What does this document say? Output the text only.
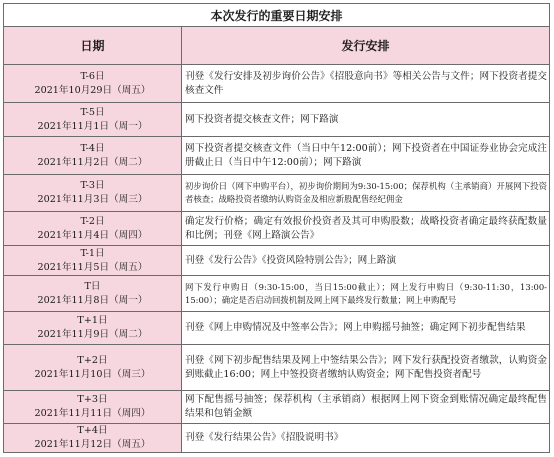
本次发行的重要日期安排	
日期	发行安排

T-6日
2021年10月29日（周五）	刊登《发行安排及初步询价公告》《招股意向书》等相关公告与文件；网下投资者提交核查文件

T-5日
2021年11月1日（周一）	网下投资者提交核查文件；网下路演

T-4日
2021年11月2日（周二）	网下投资者提交核查文件（当日中午12:00前）；网下投资者在中国证券业协会完成注册截止日（当日中午12:00前）；网下路演

T-3日
2021年11月3日（周三）	初步询价日（网下申购平台），初步询价期间为9:30-15:00；保荐机构（主承销商）开展网下投资者核查；战略投资者缴纳认购资金及相应新股配售经纪佣金

T-2日
2021年11月4日（周四）	确定发行价格；确定有效报价投资者及其可申购股数；战略投资者确定最终获配数量和比例；刊登《网上路演公告》

T-1日
2021年11月5日（周五）	刊登《发行公告》《投资风险特别公告》；网上路演

T日
2021年11月8日（周一）	网下发行申购日（9:30-15:00，当日15:00截止）；网上发行申购日（9:30-11:30，13:00-15:00）；确定是否启动回拨机制及网上网下最终发行数量；网上申购配号

T+1日
2021年11月9日（周二）	刊登《网上申购情况及中签率公告》；网上申购摇号抽签；确定网下初步配售结果

T+2日
2021年11月10日（周三）	刊登《网下初步配售结果及网上中签结果公告》；网下发行获配投资者缴款，认购资金到账截止16:00；网上中签投资者缴纳认购资金；网下配售投资者配号

T+3日
2021年11月11日（周四）	网下配售摇号抽签；保荐机构（主承销商）根据网上网下资金到账情况确定最终配售结果和包销金额

T+4日
2021年11月12日（周五）	刊登《发行结果公告》《招股说明书》
